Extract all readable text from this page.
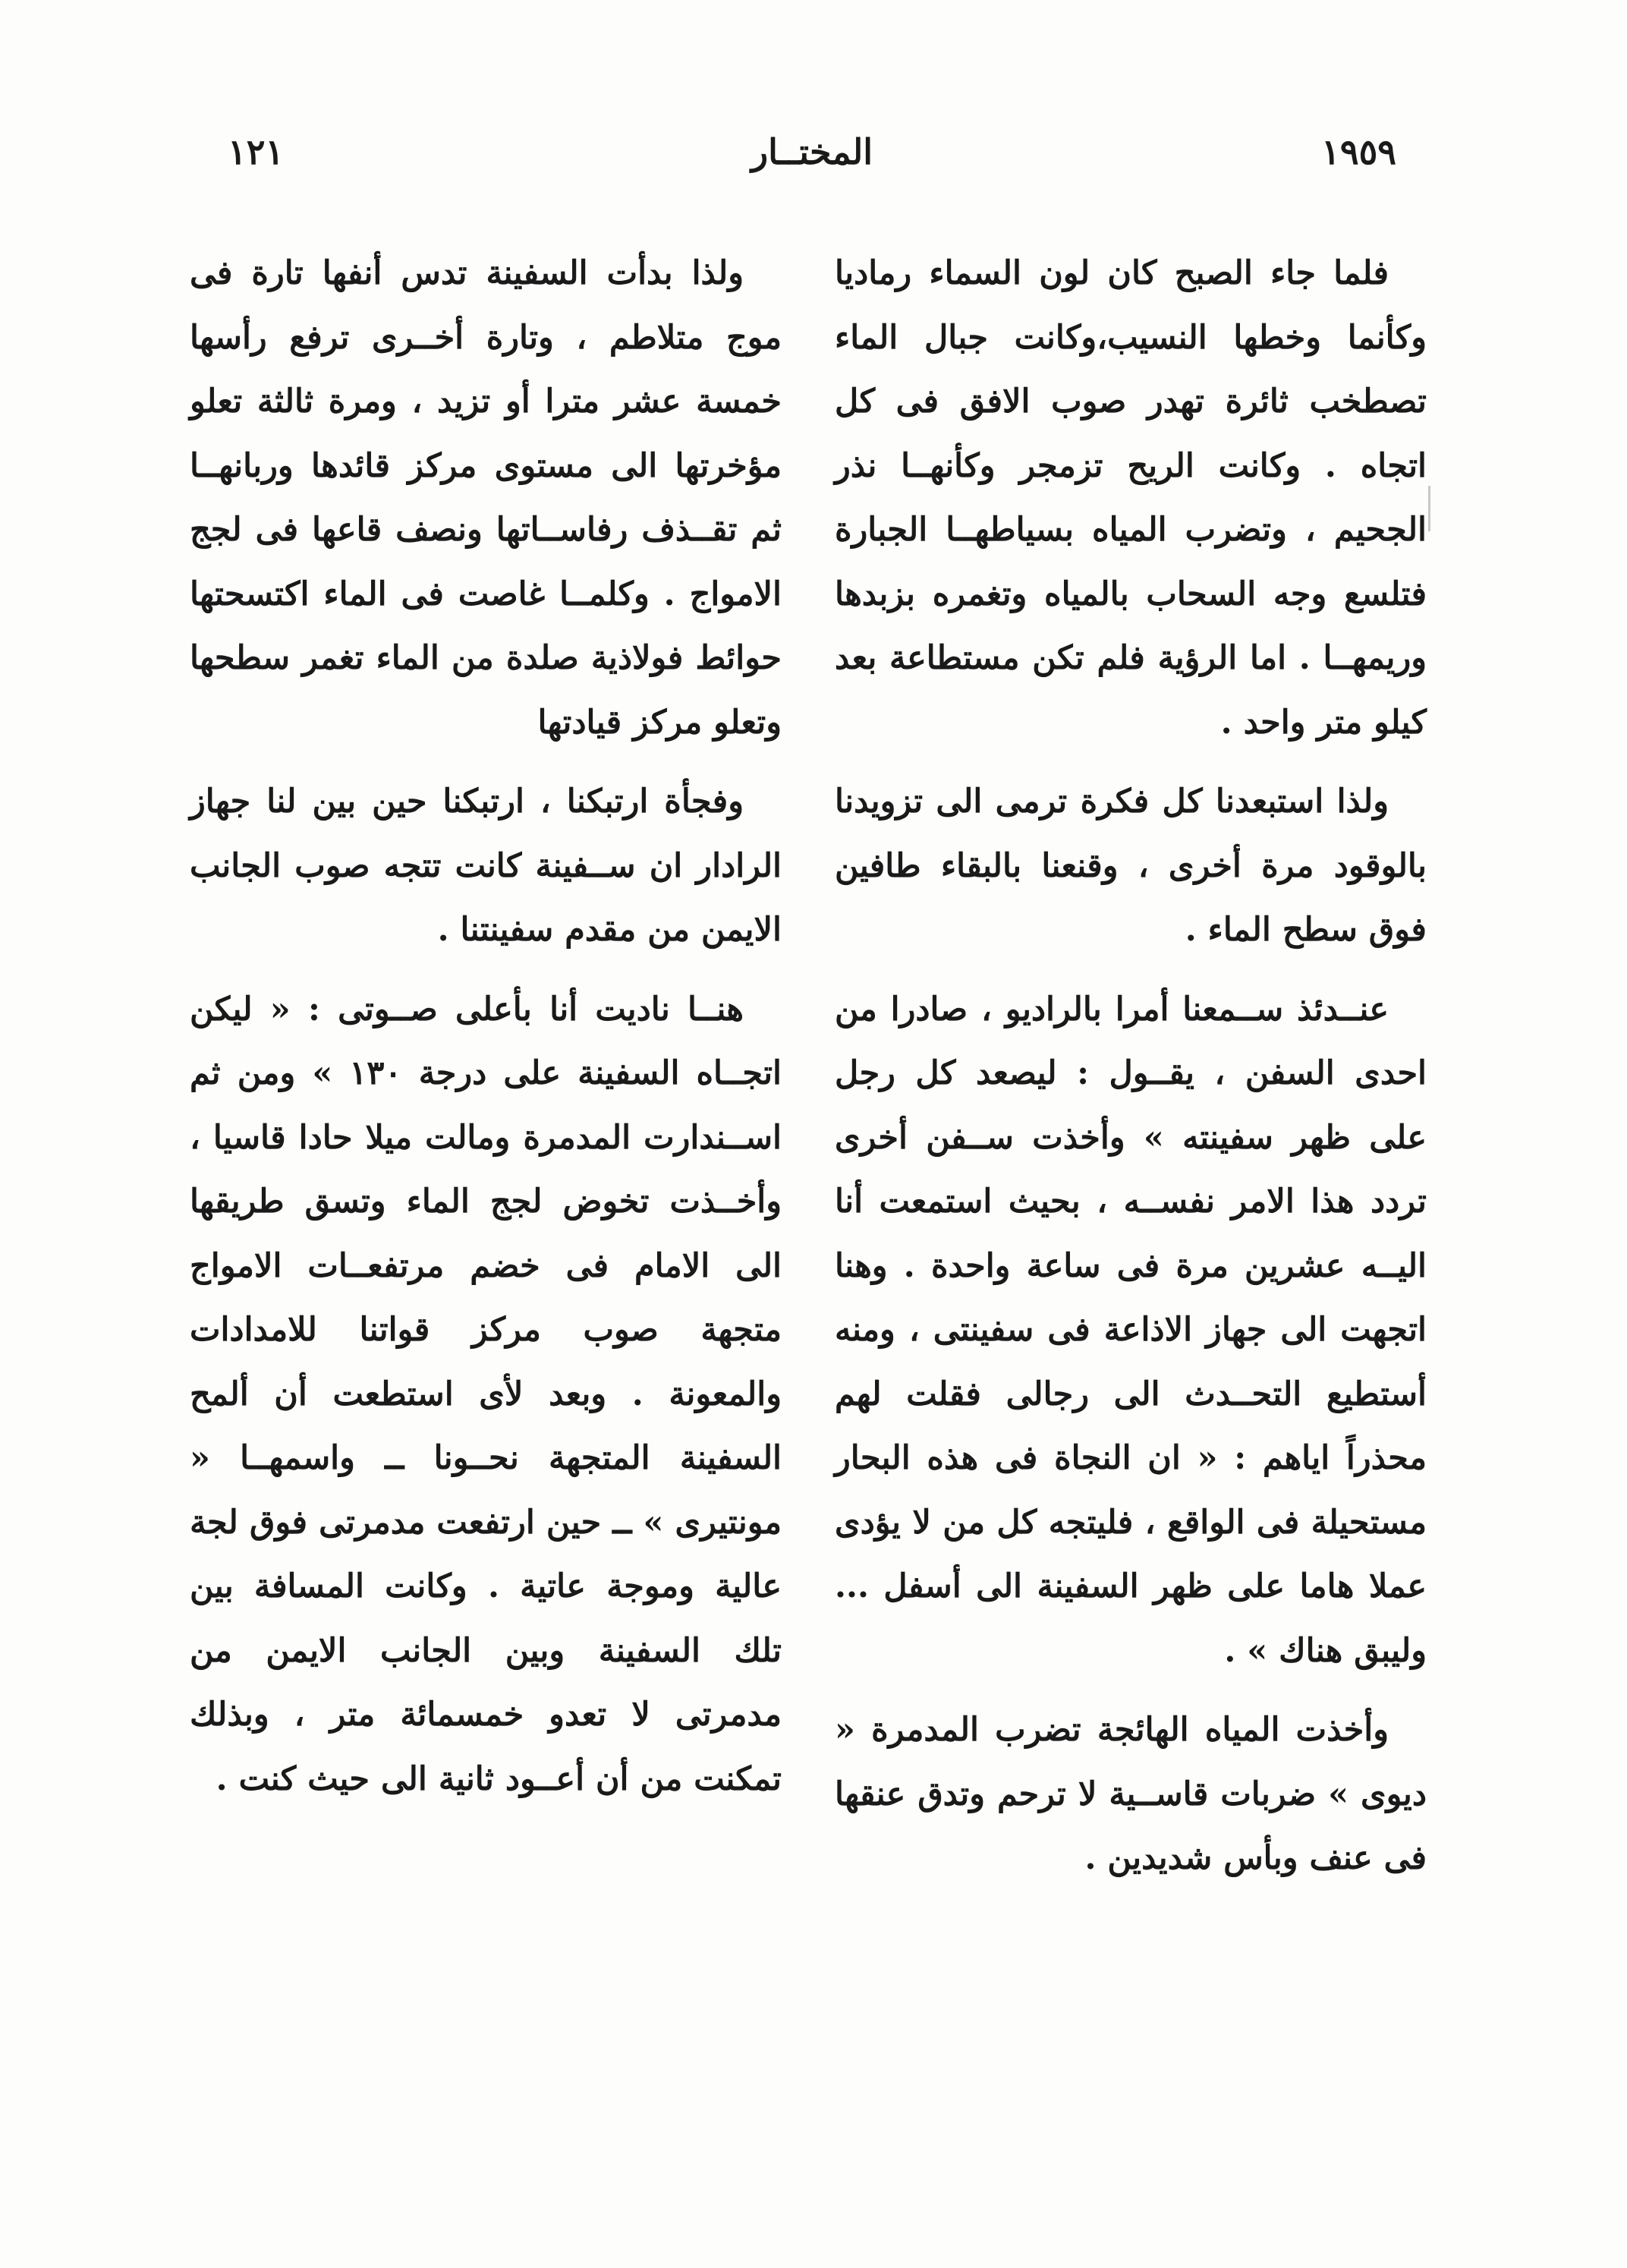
١٢١	المختــار	١٩٥٩

فلما جاء الصبح كان لون السماء رماديا وكأنما وخطها النسيب،وكانت جبال الماء تصطخب ثائرة تهدر صوب الافق فى كل اتجاه . وكانت الريح تزمجر وكأنهــا نذر الجحيم ، وتضرب المياه بسياطهــا الجبارة فتلسع وجه السحاب بالمياه وتغمره بزبدها وريمهــا . اما الرؤية فلم تكن مستطاعة بعد كيلو متر واحد .

ولذا استبعدنا كل فكرة ترمى الى تزويدنا بالوقود مرة أخرى ، وقنعنا بالبقاء طافين فوق سطح الماء .

عنــدئذ ســمعنا أمرا بالراديو ، صادرا من احدى السفن ، يقــول : ليصعد كل رجل على ظهر سفينته » وأخذت ســفن أخرى تردد هذا الامر نفســه ، بحيث استمعت أنا اليــه عشرين مرة فى ساعة واحدة . وهنا اتجهت الى جهاز الاذاعة فى سفينتى ، ومنه أستطيع التحــدث الى رجالى فقلت لهم محذراً اياهم : « ان النجاة فى هذه البحار مستحيلة فى الواقع ، فليتجه كل من لا يؤدى عملا هاما على ظهر السفينة الى أسفل ... وليبق هناك » .

وأخذت المياه الهائجة تضرب المدمرة « ديوى » ضربات قاســية لا ترحم وتدق عنقها فى عنف وبأس شديدين .

ولذا بدأت السفينة تدس أنفها تارة فى موج متلاطم ، وتارة أخــرى ترفع رأسها خمسة عشر مترا أو تزيد ، ومرة ثالثة تعلو مؤخرتها الى مستوى مركز قائدها وربانهــا ثم تقــذف رفاســاتها ونصف قاعها فى لجج الامواج . وكلمــا غاصت فى الماء اكتسحتها حوائط فولاذية صلدة من الماء تغمر سطحها وتعلو مركز قيادتها

وفجأة ارتبكنا ، ارتبكنا حين بين لنا جهاز الرادار ان ســفينة كانت تتجه صوب الجانب الايمن من مقدم سفينتنا .

هنــا ناديت أنا بأعلى صــوتى : « ليكن اتجــاه السفينة على درجة ١٣٠ » ومن ثم اســندارت المدمرة ومالت ميلا حادا قاسيا ، وأخــذت تخوض لجج الماء وتسق طريقها الى الامام فى خضم مرتفعــات الامواج متجهة صوب مركز قواتنا للامدادات والمعونة . وبعد لأى استطعت أن ألمح السفينة المتجهة نحــونا ــ واسمهــا « مونتيرى » ــ حين ارتفعت مدمرتى فوق لجة عالية وموجة عاتية . وكانت المسافة بين تلك السفينة وبين الجانب الايمن من مدمرتى لا تعدو خمسمائة متر ، وبذلك تمكنت من أن أعــود ثانية الى حيث كنت .
